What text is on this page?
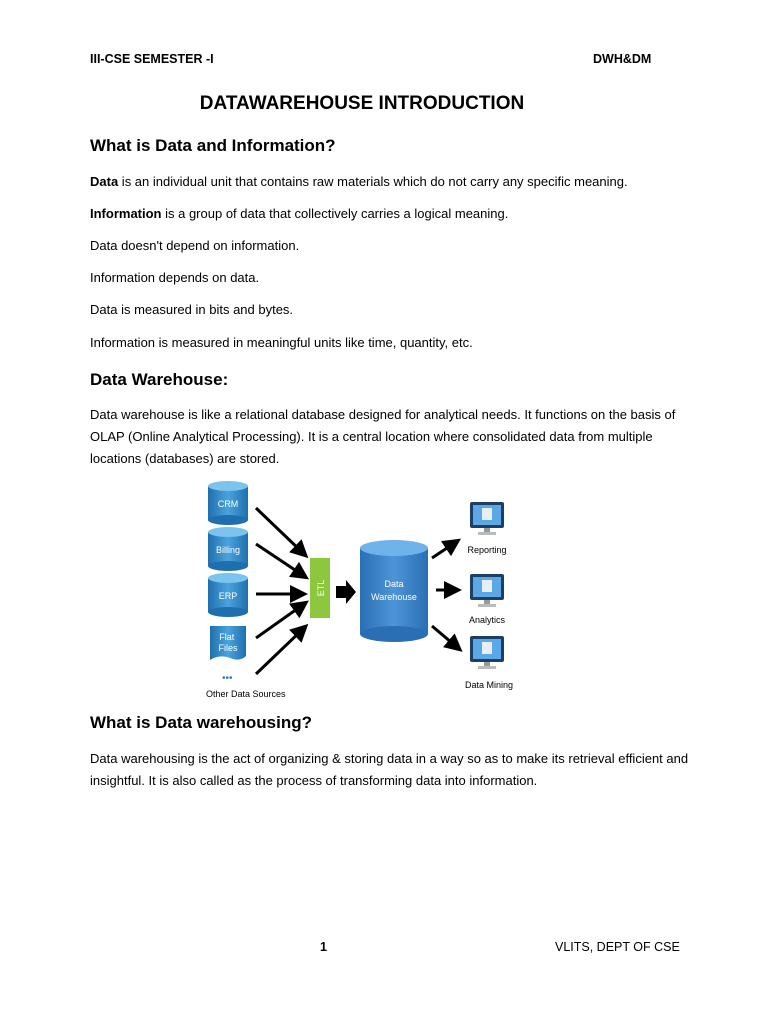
III-CSE SEMESTER -I	DWH&DM
DATAWAREHOUSE INTRODUCTION
What is Data and Information?
Data is an individual unit that contains raw materials which do not carry any specific meaning.
Information is a group of data that collectively carries a logical meaning.
Data doesn't depend on information.
Information depends on data.
Data is measured in bits and bytes.
Information is measured in meaningful units like time, quantity, etc.
Data Warehouse:
Data warehouse is like a relational database designed for analytical needs. It functions on the basis of OLAP (Online Analytical Processing). It is a central location where consolidated data from multiple locations (databases) are stored.
CRM
Billing
ERP
Flat Files
•••
Other Data Sources
ETL	Data
Warehouse
Reporting
Analytics
Data Mining
What is Data warehousing?
Data warehousing is the act of organizing & storing data in a way so as to make its retrieval efficient and insightful. It is also called as the process of transforming data into information.
1	VLITS, DEPT OF CSE
